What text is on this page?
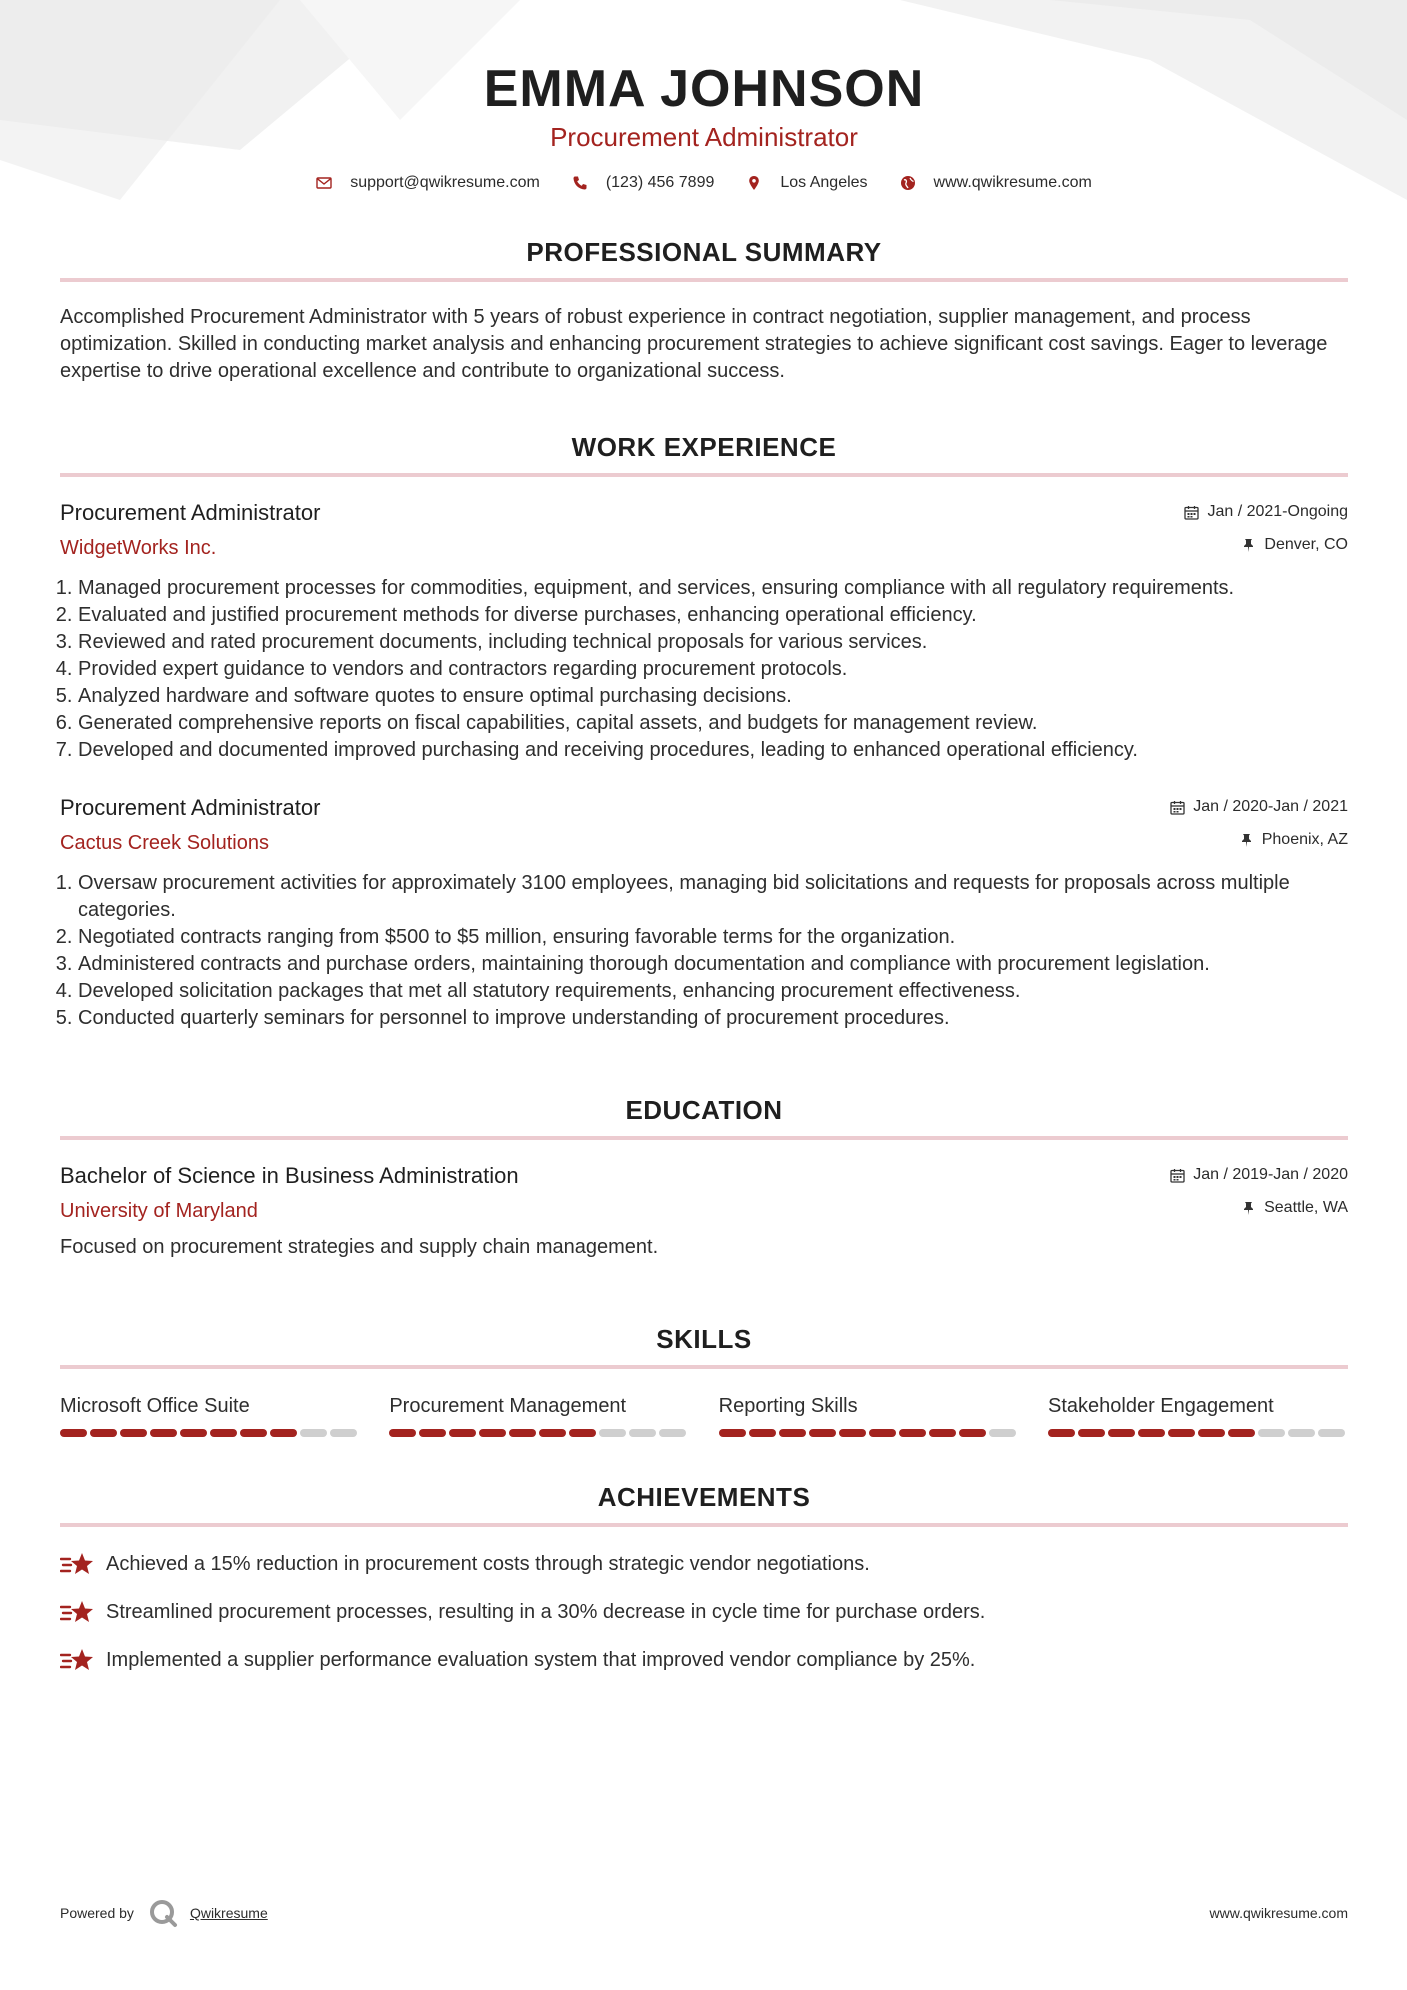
EMMA JOHNSON
Procurement Administrator
support@qwikresume.com	(123) 456 7899	Los Angeles	www.qwikresume.com
PROFESSIONAL SUMMARY
Accomplished Procurement Administrator with 5 years of robust experience in contract negotiation, supplier management, and process optimization. Skilled in conducting market analysis and enhancing procurement strategies to achieve significant cost savings. Eager to leverage expertise to drive operational excellence and contribute to organizational success.
WORK EXPERIENCE
Procurement Administrator
WidgetWorks Inc.
Jan / 2021-Ongoing
Denver, CO
1. Managed procurement processes for commodities, equipment, and services, ensuring compliance with all regulatory requirements.
2. Evaluated and justified procurement methods for diverse purchases, enhancing operational efficiency.
3. Reviewed and rated procurement documents, including technical proposals for various services.
4. Provided expert guidance to vendors and contractors regarding procurement protocols.
5. Analyzed hardware and software quotes to ensure optimal purchasing decisions.
6. Generated comprehensive reports on fiscal capabilities, capital assets, and budgets for management review.
7. Developed and documented improved purchasing and receiving procedures, leading to enhanced operational efficiency.
Procurement Administrator
Cactus Creek Solutions
Jan / 2020-Jan / 2021
Phoenix, AZ
1. Oversaw procurement activities for approximately 3100 employees, managing bid solicitations and requests for proposals across multiple categories.
2. Negotiated contracts ranging from $500 to $5 million, ensuring favorable terms for the organization.
3. Administered contracts and purchase orders, maintaining thorough documentation and compliance with procurement legislation.
4. Developed solicitation packages that met all statutory requirements, enhancing procurement effectiveness.
5. Conducted quarterly seminars for personnel to improve understanding of procurement procedures.
EDUCATION
Bachelor of Science in Business Administration
University of Maryland
Jan / 2019-Jan / 2020
Seattle, WA
Focused on procurement strategies and supply chain management.
SKILLS
Microsoft Office Suite	Procurement Management	Reporting Skills	Stakeholder Engagement
ACHIEVEMENTS
Achieved a 15% reduction in procurement costs through strategic vendor negotiations.
Streamlined procurement processes, resulting in a 30% decrease in cycle time for purchase orders.
Implemented a supplier performance evaluation system that improved vendor compliance by 25%.
Powered by	Qwikresume	www.qwikresume.com
